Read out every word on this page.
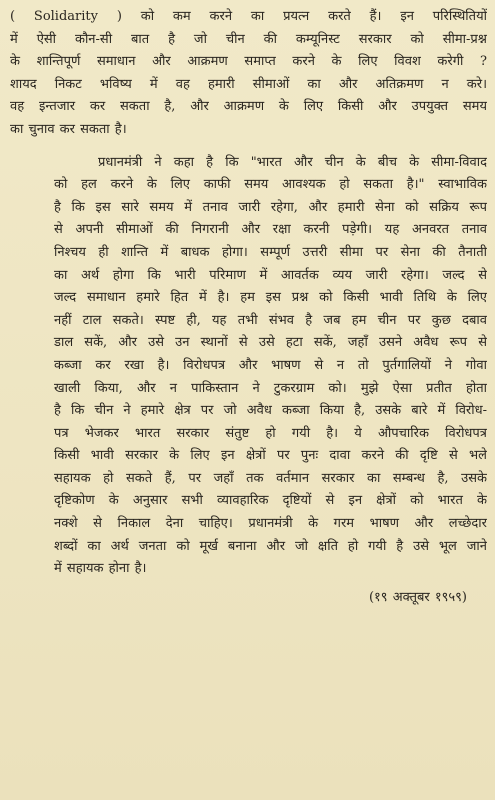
( Solidarity ) को कम करने का प्रयत्न करते हैं। इन परिस्थितियों
में ऐसी कौन-सी बात है जो चीन की कम्यूनिस्ट सरकार को सीमा-प्रश्न
के शान्तिपूर्ण समाधान और आक्रमण समाप्त करने के लिए विवश करेगी ?
शायद निकट भविष्य में वह हमारी सीमाओं का और अतिक्रमण न करे।
वह इन्तजार कर सकता है, और आक्रमण के लिए किसी और उपयुक्त समय
का चुनाव कर सकता है।

प्रधानमंत्री ने कहा है कि "भारत और चीन के बीच के सीमा-विवाद
को हल करने के लिए काफी समय आवश्यक हो सकता है।" स्वाभाविक
है कि इस सारे समय में तनाव जारी रहेगा, और हमारी सेना को सक्रिय रूप
से अपनी सीमाओं की निगरानी और रक्षा करनी पड़ेगी। यह अनवरत तनाव
निश्चय ही शान्ति में बाधक होगा। सम्पूर्ण उत्तरी सीमा पर सेना की तैनाती
का अर्थ होगा कि भारी परिमाण में आवर्तक व्यय जारी रहेगा। जल्द से
जल्द समाधान हमारे हित में है। हम इस प्रश्न को किसी भावी तिथि के लिए
नहीं टाल सकते। स्पष्ट ही, यह तभी संभव है जब हम चीन पर कुछ दबाव
डाल सकें, और उसे उन स्थानों से उसे हटा सकें, जहाँ उसने अवैध रूप से
कब्जा कर रखा है। विरोधपत्र और भाषण से न तो पुर्तगालियों ने गोवा
खाली किया, और न पाकिस्तान ने टुकरग्राम को। मुझे ऐसा प्रतीत होता
है कि चीन ने हमारे क्षेत्र पर जो अवैध कब्जा किया है, उसके बारे में विरोध-
पत्र भेजकर भारत सरकार संतुष्ट हो गयी है। ये औपचारिक विरोधपत्र
किसी भावी सरकार के लिए इन क्षेत्रों पर पुनः दावा करने की दृष्टि से भले
सहायक हो सकते हैं, पर जहाँ तक वर्तमान सरकार का सम्बन्ध है, उसके
दृष्टिकोण के अनुसार सभी व्यावहारिक दृष्टियों से इन क्षेत्रों को भारत के
नक्शे से निकाल देना चाहिए। प्रधानमंत्री के गरम भाषण और लच्छेदार
शब्दों का अर्थ जनता को मूर्ख बनाना और जो क्षति हो गयी है उसे भूल जाने
में सहायक होना है।

(१९ अक्तूबर १९५९)
